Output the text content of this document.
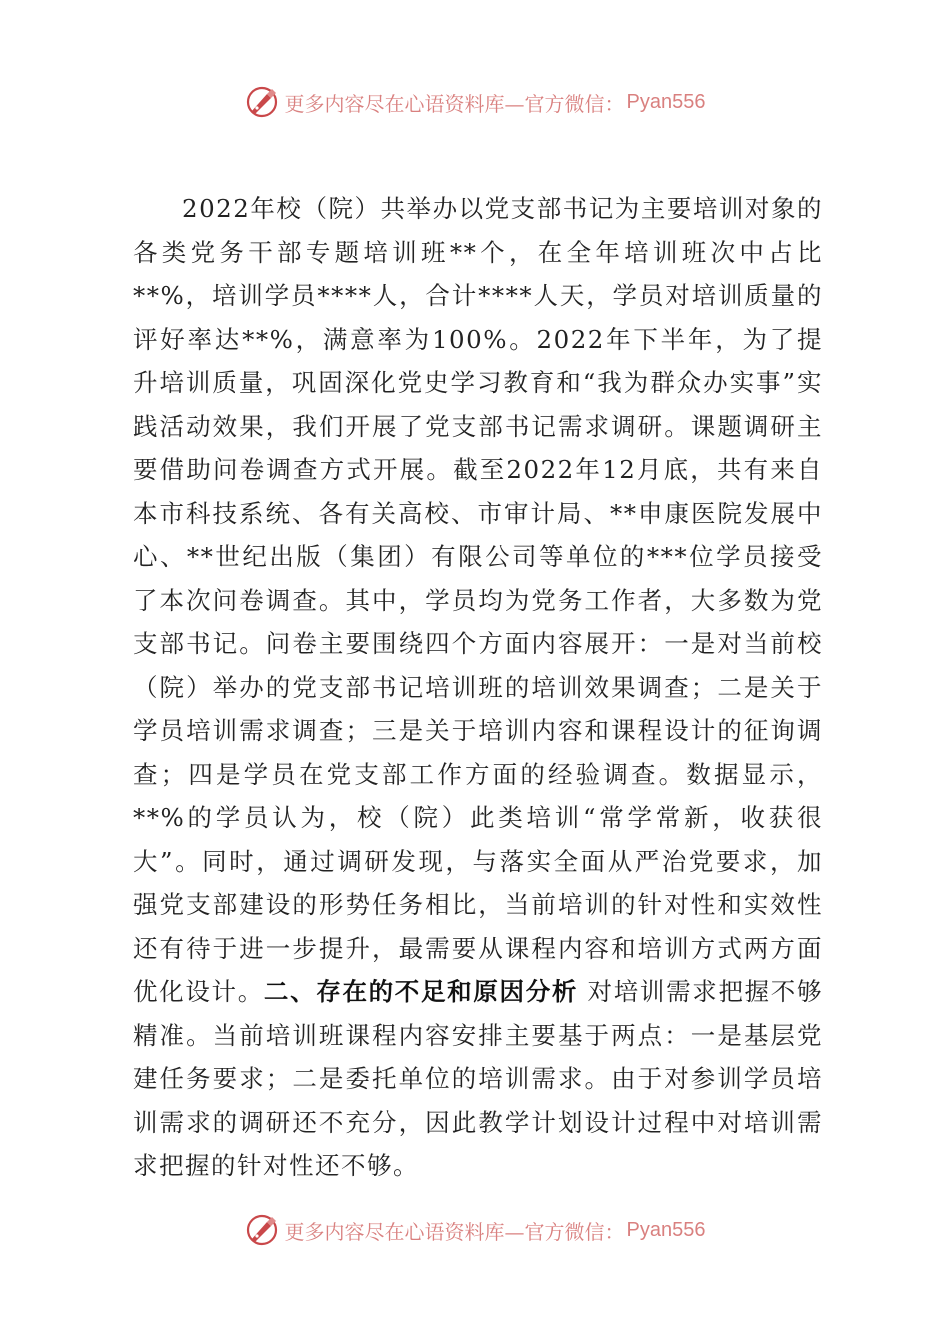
更多内容尽在心语资料库—官方微信： Pyan556

2022年校（院）共举办以党支部书记为主要培训对象的各类党务干部专题培训班**个，在全年培训班次中占比**%，培训学员****人，合计****人天，学员对培训质量的评好率达**%，满意率为100%。2022年下半年，为了提升培训质量，巩固深化党史学习教育和“我为群众办实事”实践活动效果，我们开展了党支部书记需求调研。课题调研主要借助问卷调查方式开展。截至2022年12月底，共有来自本市科技系统、各有关高校、市审计局、**申康医院发展中心、**世纪出版（集团）有限公司等单位的***位学员接受了本次问卷调查。其中，学员均为党务工作者，大多数为党支部书记。问卷主要围绕四个方面内容展开：一是对当前校（院）举办的党支部书记培训班的培训效果调查；二是关于学员培训需求调查；三是关于培训内容和课程设计的征询调查；四是学员在党支部工作方面的经验调查。数据显示，**%的学员认为，校（院）此类培训“常学常新，收获很大”。同时，通过调研发现，与落实全面从严治党要求，加强党支部建设的形势任务相比，当前培训的针对性和实效性还有待于进一步提升，最需要从课程内容和培训方式两方面优化设计。二、存在的不足和原因分析 对培训需求把握不够精准。当前培训班课程内容安排主要基于两点：一是基层党建任务要求；二是委托单位的培训需求。由于对参训学员培训需求的调研还不充分，因此教学计划设计过程中对培训需求把握的针对性还不够。

更多内容尽在心语资料库—官方微信： Pyan556
